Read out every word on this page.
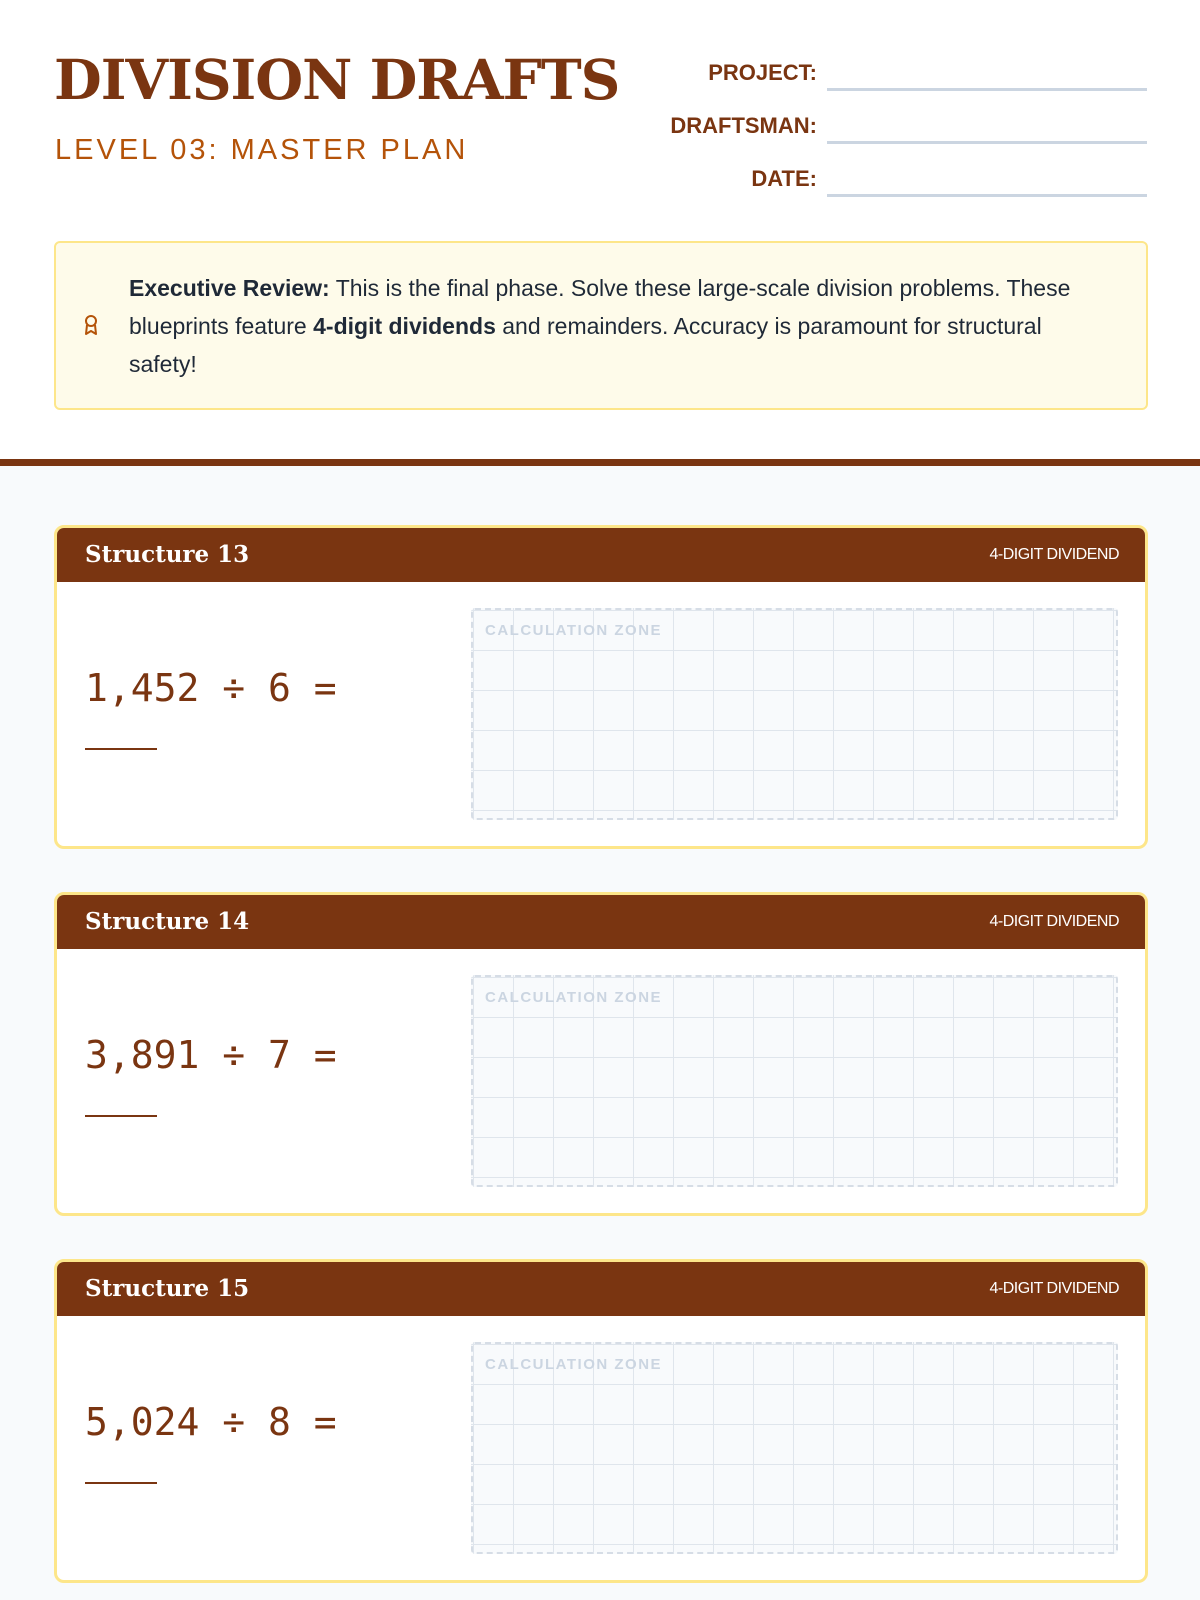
DIVISION DRAFTS
LEVEL 03: MASTER PLAN
PROJECT:
DRAFTSMAN:
DATE:
Executive Review: This is the final phase. Solve these large-scale division problems. These blueprints feature 4-digit dividends and remainders. Accuracy is paramount for structural safety!
Structure 13	4-DIGIT DIVIDEND
1,452 ÷ 6 =
CALCULATION ZONE
Structure 14	4-DIGIT DIVIDEND
3,891 ÷ 7 =
CALCULATION ZONE
Structure 15	4-DIGIT DIVIDEND
5,024 ÷ 8 =
CALCULATION ZONE
